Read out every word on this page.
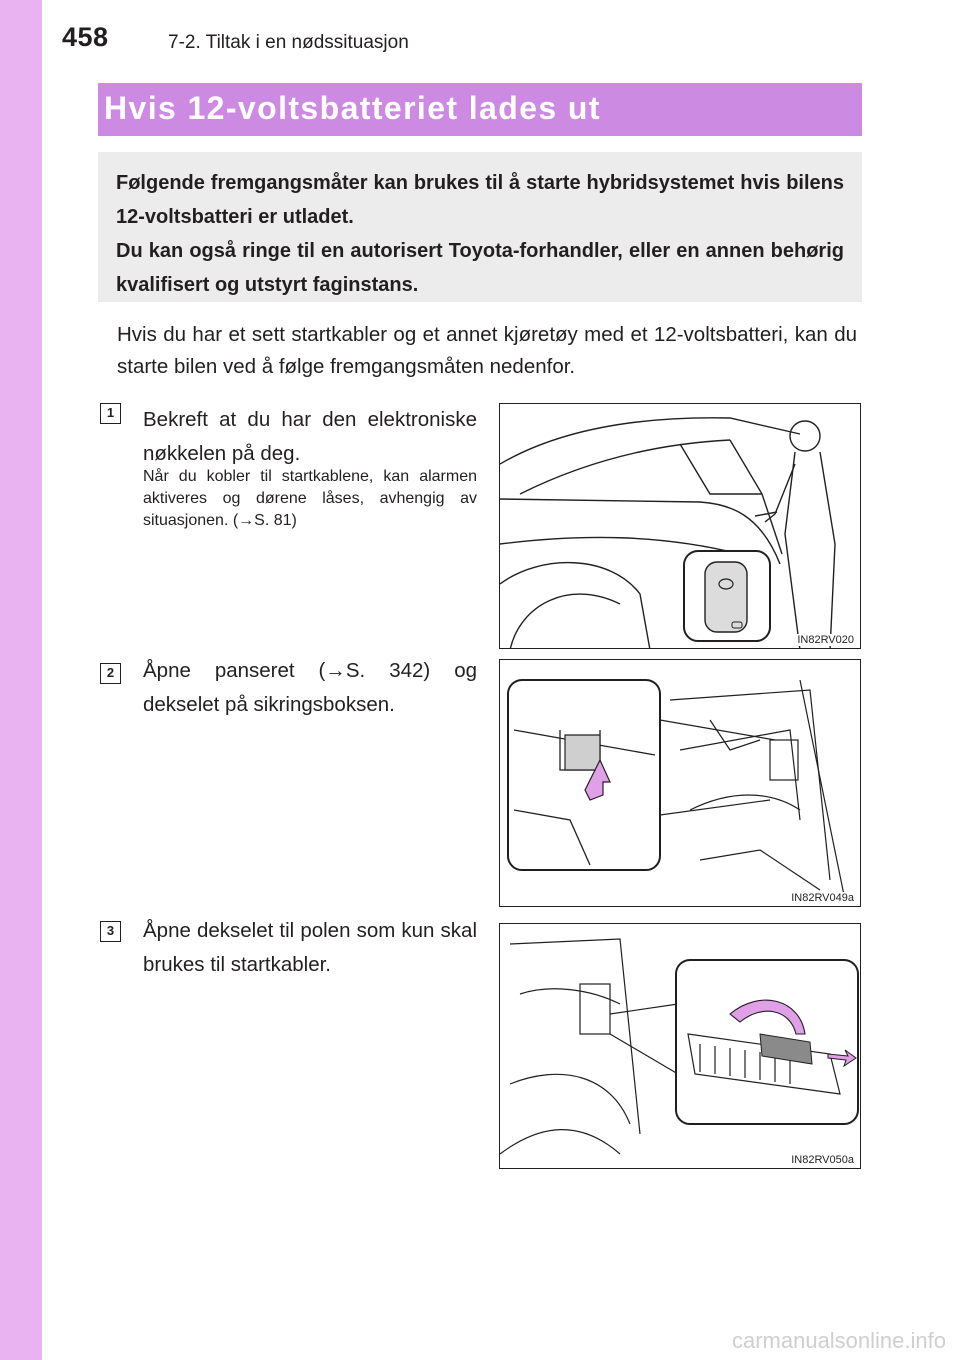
458	7-2. Tiltak i en nødssituasjon
Hvis 12-voltsbatteriet lades ut

Følgende fremgangsmåter kan brukes til å starte hybridsystemet hvis bilens 12-voltsbatteri er utladet.

Du kan også ringe til en autorisert Toyota-forhandler, eller en annen behørig kvalifisert og utstyrt faginstans.

Hvis du har et sett startkabler og et annet kjøretøy med et 12-voltsbatteri, kan du starte bilen ved å følge fremgangsmåten nedenfor.
1	Bekreft at du har den elektroniske nøkkelen på deg.
Når du kobler til startkablene, kan alarmen aktiveres og dørene låses, avhengig av situasjonen. (→S. 81)
IN82RV020
2	Åpne panseret (→S. 342) og dekselet på sikringsboksen.
IN82RV049a
3	Åpne dekselet til polen som kun skal brukes til startkabler.
IN82RV050a
carmanualsonline.info
